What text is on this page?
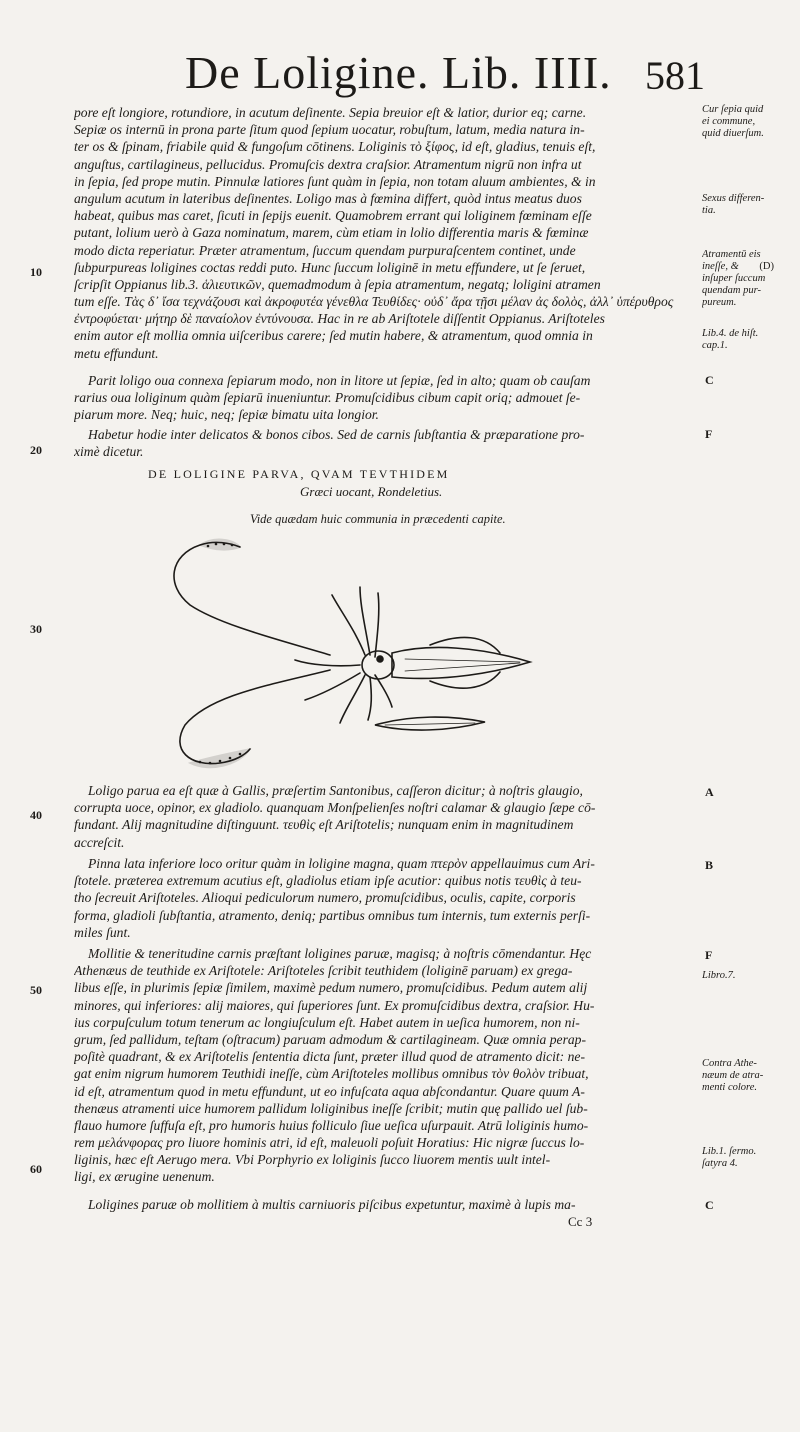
De Loligine. Lib. IIII. 581
pore eſt longiore, rotundiore, in acutum deſinente. Sepia breuior eſt & latior, durior eq; carne.
Sepiæ os internū in prona parte ſitum quod ſepium uocatur, robuſtum, latum, media natura in-
ter os & ſpinam, friabile quid & fungoſum cōtinens. Loliginis τὸ ξίφος, id eſt, gladius, tenuis eſt,
anguſtus, cartilagineus, pellucidus. Promuſcis dextra craſsior. Atramentum nigrū non infra ut
in ſepia, ſed prope mutin. Pinnulæ latiores ſunt quàm in ſepia, non totam aluum ambientes, & in
angulum acutum in lateribus deſinentes. Loligo mas à fœmina differt, quòd intus meatus duos
habeat, quibus mas caret, ſicuti in ſepijs euenit. Quamobrem errant qui loliginem fœminam eſſe
putant, lolium uerò à Gaza nominatum, marem, cùm etiam in lolio differentia maris & fœminæ
modo dicta reperiatur. Præter atramentum, ſuccum quendam purpuraſcentem continet, unde
ſubpurpureas loligines coctas reddi puto. Hunc ſuccum loliginē in metu effundere, ut ſe ſeruet,
ſcripſit Oppianus lib.3. ἁλιευτικῶν, quemadmodum à ſepia atramentum, negatq; loligini atramen
tum eſſe. Τὰς δ᾽ ἴσα τεχνάζουσι καὶ ἀκροφυτέα γένεθλα Τευθίδες· οὐδ᾽ ἄρα τῇσι μέλαν ἀς δολὸς, ἀλλ᾽ ὑπέρυθρος
ἐντροφύεται· μήτηρ δὲ παναίολον ἐντύνουσα. Hac in re ab Ariſtotele diſſentit Oppianus. Ariſtoteles
enim autor eſt mollia omnia uiſceribus carere; ſed mutin habere, & atramentum, quod omnia in
metu effundunt.
Parit loligo oua connexa ſepiarum modo, non in litore ut ſepiæ, ſed in alto; quam ob cauſam
rarius oua loliginum quàm ſepiarū inueniuntur. Promuſcidibus cibum capit oriq; admouet ſe-
piarum more. Neq; huic, neq; ſepiæ bimatu uita longior.
Habetur hodie inter delicatos & bonos cibos. Sed de carnis ſubſtantia & præparatione pro-
ximè dicetur.
DE LOLIGINE PARVA, QVAM TEVTHIDEM
Græci uocant, Rondeletius.
Vide quædam huic communia in præcedenti capite.
Loligo parua ea eſt quæ à Gallis, præſertim Santonibus, caſſeron dicitur; à noſtris glaugio,
corrupta uoce, opinor, ex gladiolo. quanquam Monſpelienſes noſtri calamar & glaugio ſæpe cō-
fundant. Alij magnitudine diſtinguunt. τευθὶς eſt Ariſtotelis; nunquam enim in magnitudinem
accreſcit.
Pinna lata inferiore loco oritur quàm in loligine magna, quam πτερὸν appellauimus cum Ari-
ſtotele. præterea extremum acutius eſt, gladiolus etiam ipſe acutior: quibus notis τευθὶς à teu-
tho ſecreuit Ariſtoteles. Alioqui pediculorum numero, promuſcidibus, oculis, capite, corporis
forma, gladioli ſubſtantia, atramento, deniq; partibus omnibus tum internis, tum externis perſi-
miles ſunt.
Mollitie & teneritudine carnis præſtant loligines paruæ, magisq; à noſtris cōmendantur. Hęc
Athenæus de teuthide ex Ariſtotele: Ariſtoteles ſcribit teuthidem (loliginē paruam) ex grega-
libus eſſe, in plurimis ſepiæ ſimilem, maximè pedum numero, promuſcidibus. Pedum autem alij
minores, qui inferiores: alij maiores, qui ſuperiores ſunt. Ex promuſcidibus dextra, craſsior. Hu-
ius corpuſculum totum tenerum ac longiuſculum eſt. Habet autem in ueſica humorem, non ni-
grum, ſed pallidum, teſtam (oſtracum) paruam admodum & cartilagineam. Quæ omnia perap-
poſitè quadrant, & ex Ariſtotelis ſententia dicta ſunt, præter illud quod de atramento dicit: ne-
gat enim nigrum humorem Teuthidi ineſſe, cùm Ariſtoteles mollibus omnibus τὸν θολὸν tribuat,
id eſt, atramentum quod in metu effundunt, ut eo infuſcata aqua abſcondantur. Quare quum A-
thenæus atramenti uice humorem pallidum loliginibus ineſſe ſcribit; mutin quę pallido uel ſub-
flauo humore ſuffuſa eſt, pro humoris huius folliculo ſiue ueſica uſurpauit. Atrū loliginis humo-
rem μελάνφορας pro liuore hominis atri, id eſt, maleuoli poſuit Horatius: Hic nigræ ſuccus lo-
liginis, hæc eſt Aerugo mera. Vbi Porphyrio ex loliginis ſucco liuorem mentis uult intel-
ligi, ex ærugine uenenum.
Loligines paruæ ob mollitiem à multis carniuoris piſcibus expetuntur, maximè à lupis ma-
Cc 3
10
20
30
40
50
60
Cur ſepia quid
ei commune,
quid diuerſum.
Sexus differen-
tia.
Atramentū eis
ineſſe, & (D)
inſuper ſuccum
quendam pur-
pureum.
Lib.4. de hiſt.
cap.1.
Libro.7.
Contra Athe-
næum de atra-
menti colore.
Lib.1. ſermo.
ſatyra 4.
C
F
A
B
F
C
